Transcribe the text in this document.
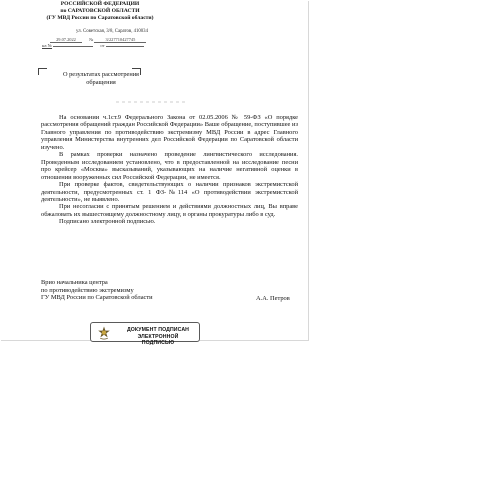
РОССИЙСКОЙ ФЕДЕРАЦИИ
по САРАТОВСКОЙ ОБЛАСТИ
(ГУ МВД России по Саратовской области)
ул. Советская, 3/8, Саратов, 410034
29.07.2022	№	3/227710427745
на №	от
О результатах рассмотрения
обращения

На основании ч.1ст.9 Федерального Закона от 02.05.2006 № 59-ФЗ «О порядке рассмотрения обращений граждан Российской Федерации» Ваше обращение, поступившее из Главного управления по противодействию экстремизму МВД России в адрес Главного управления Министерства внутренних дел Российской Федерации по Саратовской области изучено.

В рамках проверки назначено проведение лингвистического исследования. Проведенным исследованием установлено, что в предоставленной на исследование песни про крейсер «Москва» высказываний, указывающих на наличие негативной оценки в отношении вооруженных сил Российской Федерации, не имеется.

При проверке фактов, свидетельствующих о наличии признаков экстремистской деятельности, предусмотренных ст. 1 ФЗ-№114 «О противодействии экстремистской деятельности», не выявлено.

При несогласии с принятым решением и действиями должностных лиц, Вы вправе обжаловать их вышестоящему должностному лицу, в органы прокуратуры либо в суд.

Подписано электронной подписью.

Врио начальника центра
по противодействию экстремизму
ГУ МВД России по Саратовской области	А.А. Петров
ДОКУМЕНТ ПОДПИСАН
ЭЛЕКТРОННОЙ ПОДПИСЬЮ
